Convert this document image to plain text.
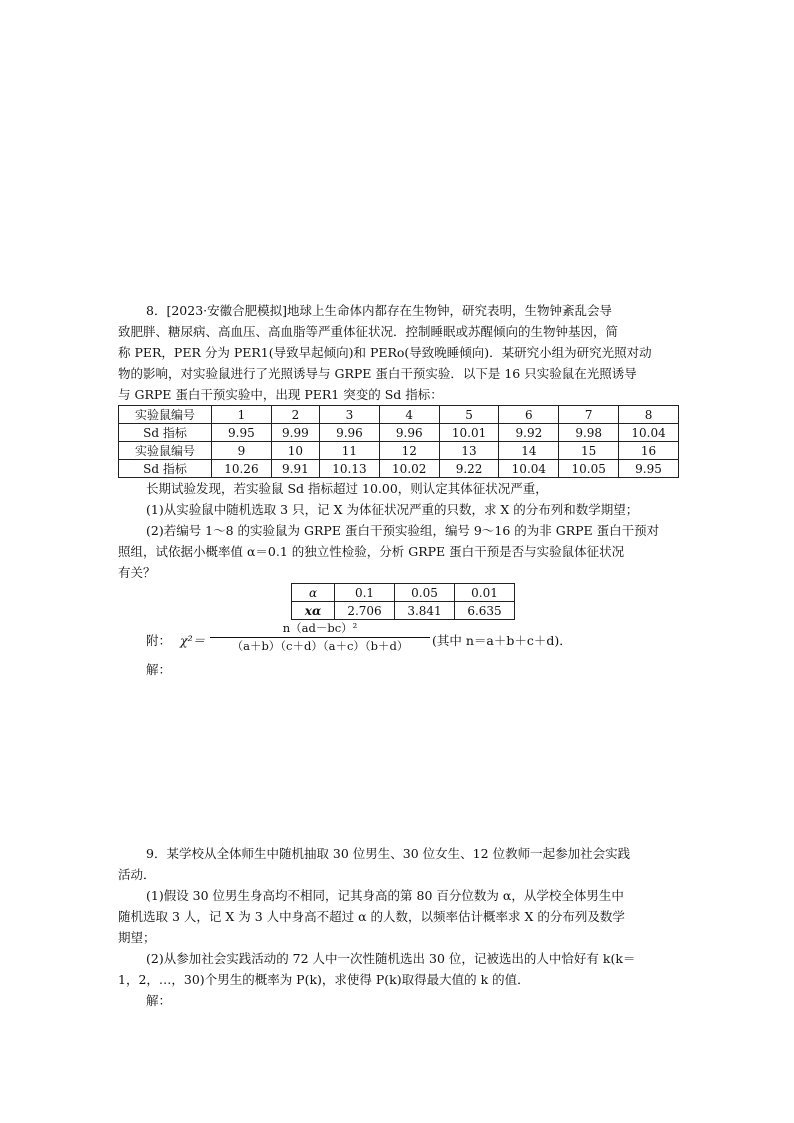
8．[2023·安徽合肥模拟]地球上生命体内都存在生物钟，研究表明，生物钟紊乱会导

致肥胖、糖尿病、高血压、高血脂等严重体征状况．控制睡眠或苏醒倾向的生物钟基因，简

称 PER，PER 分为 PER1(导致早起倾向)和 PERo(导致晚睡倾向)．某研究小组为研究光照对动

物的影响，对实验鼠进行了光照诱导与 GRPE 蛋白干预实验．以下是 16 只实验鼠在光照诱导

与 GRPE 蛋白干预实验中，出现 PER1 突变的 Sd 指标：

实验鼠编号	1	2	3	4	5	6	7	8
Sd 指标	9.95	9.99	9.96	9.96	10.01	9.92	9.98	10.04
实验鼠编号	9	10	11	12	13	14	15	16
Sd 指标	10.26	9.91	10.13	10.02	9.22	10.04	10.05	9.95

长期试验发现，若实验鼠 Sd 指标超过 10.00，则认定其体征状况严重，

(1)从实验鼠中随机选取 3 只，记 X 为体征状况严重的只数，求 X 的分布列和数学期望；

(2)若编号 1～8 的实验鼠为 GRPE 蛋白干预实验组，编号 9～16 的为非 GRPE 蛋白干预对

照组，试依据小概率值 α＝0.1 的独立性检验，分析 GRPE 蛋白干预是否与实验鼠体征状况

有关？

α	0.1	0.05	0.01
xα	2.706	3.841	6.635
附： $\chi^2= \frac{\text{n（ad－bc）²}}{(a+b)(c+d)(a+c)(b+d)}$ (其中 n＝a＋b＋c＋d)．

解：

9．某学校从全体师生中随机抽取 30 位男生、30 位女生、12 位教师一起参加社会实践

活动．

(1)假设 30 位男生身高均不相同，记其身高的第 80 百分位数为 α，从学校全体男生中

随机选取 3 人，记 X 为 3 人中身高不超过 α 的人数，以频率估计概率求 X 的分布列及数学

期望；

(2)从参加社会实践活动的 72 人中一次性随机选出 30 位，记被选出的人中恰好有 k(k＝

1，2，…，30)个男生的概率为 P(k)，求使得 P(k)取得最大值的 k 的值．

解：
